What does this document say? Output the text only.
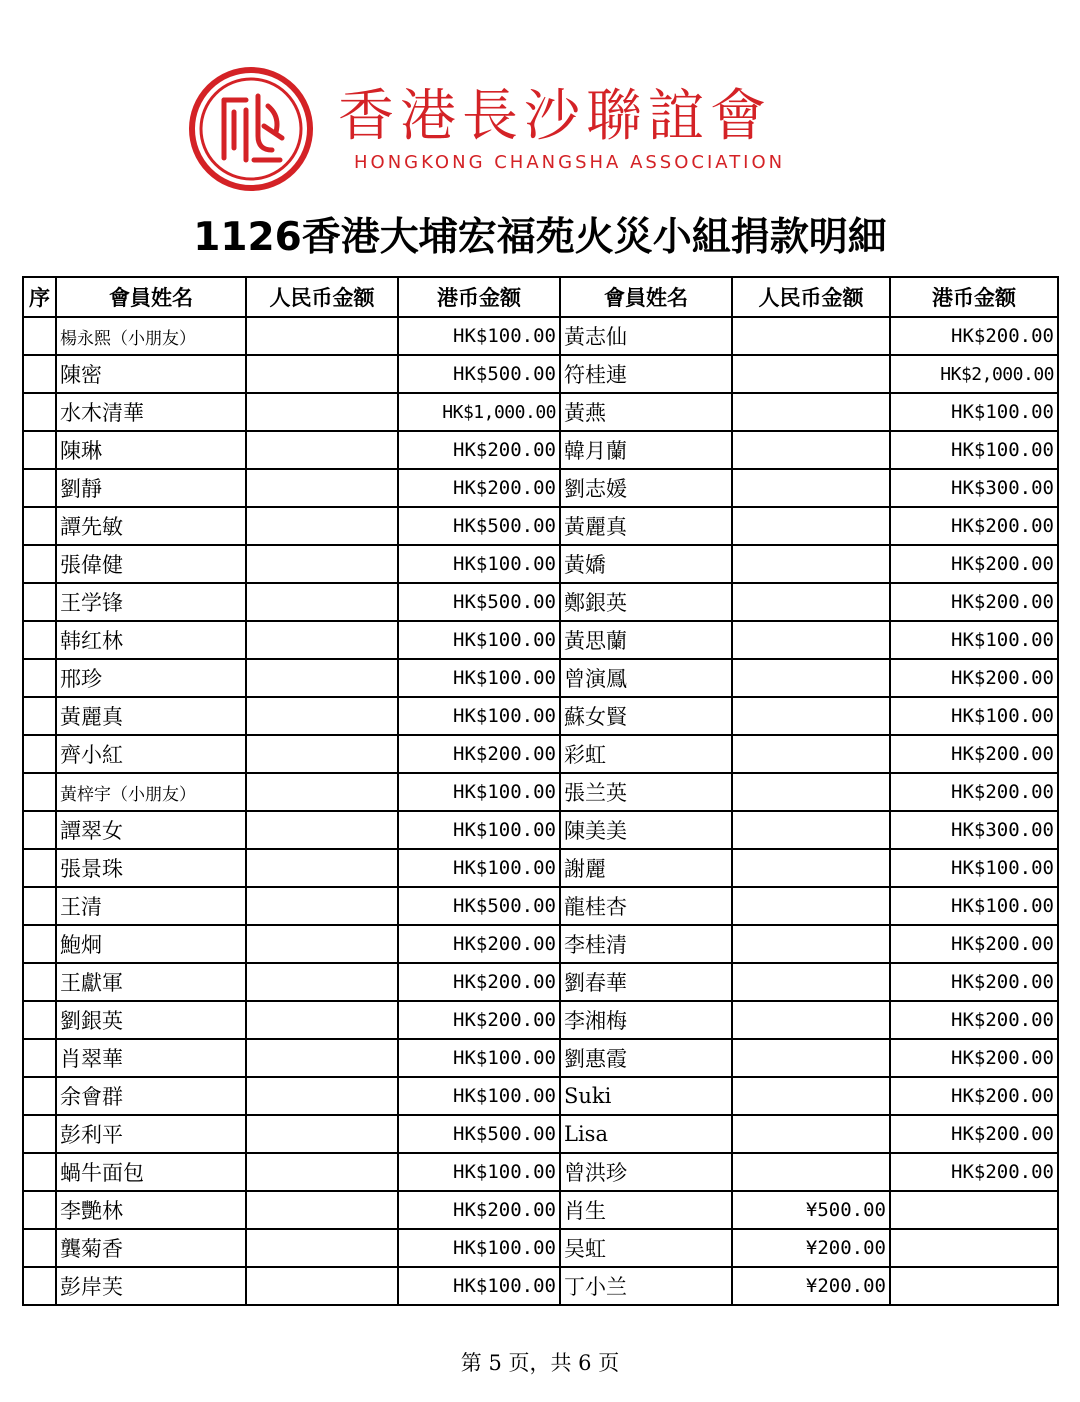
香港長沙聯誼會
HONGKONG CHANGSHA ASSOCIATION
1126香港大埔宏福苑火災小組捐款明細
序	會員姓名	人民币金额	港币金额	會員姓名	人民币金额	港币金额
	楊永熙（小朋友）		HK$100.00	黃志仙		HK$200.00
	陳密		HK$500.00	符桂連		HK$2,000.00
	水木清華		HK$1,000.00	黃燕		HK$100.00
	陳琳		HK$200.00	韓月蘭		HK$100.00
	劉靜		HK$200.00	劉志媛		HK$300.00
	譚先敏		HK$500.00	黃麗真		HK$200.00
	張偉健		HK$100.00	黃嬌		HK$200.00
	王学锋		HK$500.00	鄭銀英		HK$200.00
	韩红林		HK$100.00	黃思蘭		HK$100.00
	邢珍		HK$100.00	曾演鳳		HK$200.00
	黃麗真		HK$100.00	蘇女賢		HK$100.00
	齊小紅		HK$200.00	彩虹		HK$200.00
	黃梓宇（小朋友）		HK$100.00	張兰英		HK$200.00
	譚翠女		HK$100.00	陳美美		HK$300.00
	張景珠		HK$100.00	謝麗		HK$100.00
	王清		HK$500.00	龍桂杏		HK$100.00
	鮑炯		HK$200.00	李桂清		HK$200.00
	王獻軍		HK$200.00	劉春華		HK$200.00
	劉銀英		HK$200.00	李湘梅		HK$200.00
	肖翠華		HK$100.00	劉惠霞		HK$200.00
	余會群		HK$100.00	Suki		HK$200.00
	彭利平		HK$500.00	Lisa		HK$200.00
	蝸牛面包		HK$100.00	曾洪珍		HK$200.00
	李艷林		HK$200.00	肖生	¥500.00	
	龔菊香		HK$100.00	吴虹	¥200.00	
	彭岸芙		HK$100.00	丁小兰	¥200.00	
第 5 页，共 6 页
